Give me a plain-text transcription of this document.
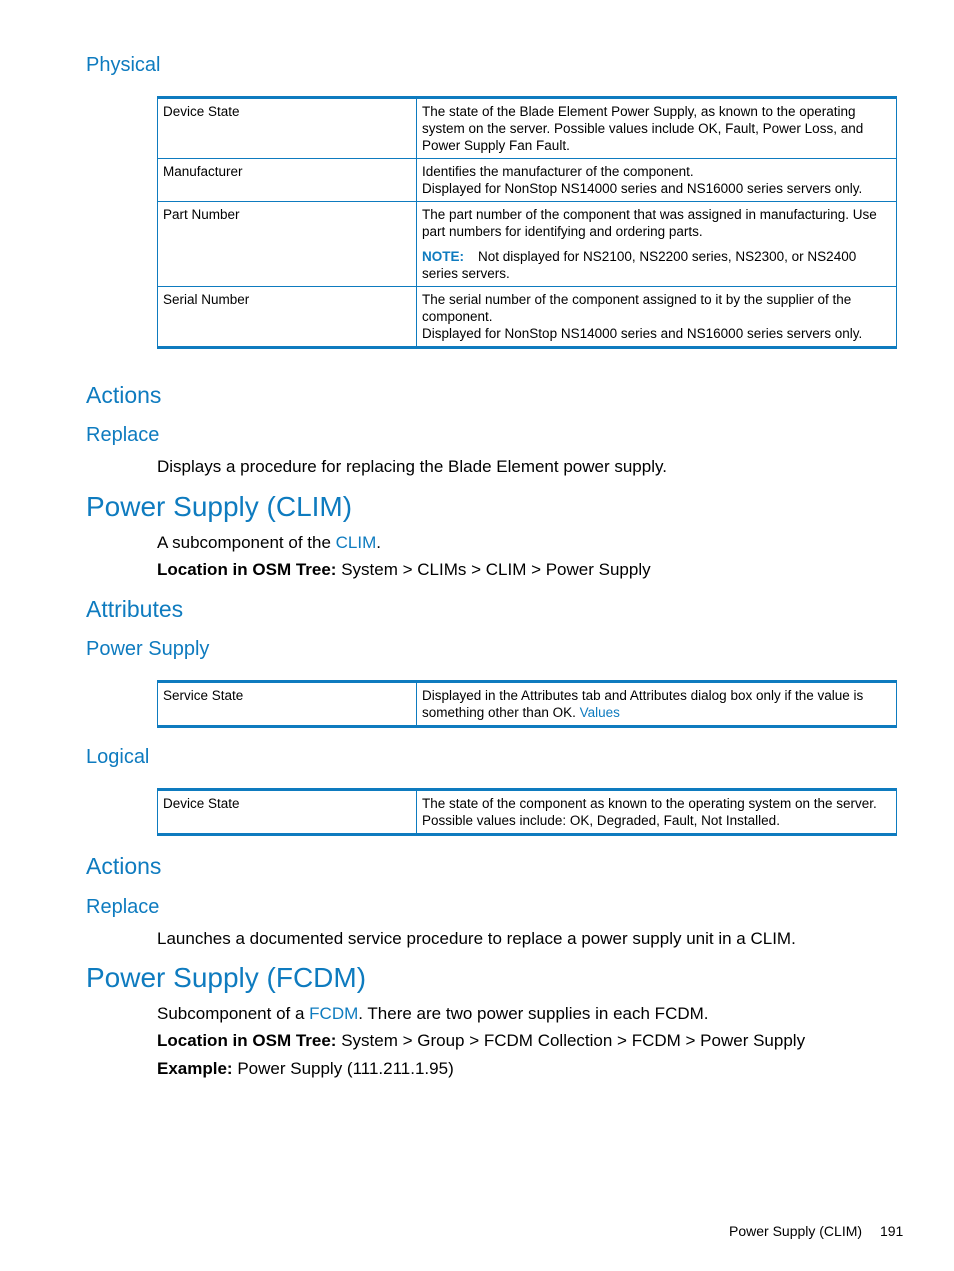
Physical
Device State	The state of the Blade Element Power Supply, as known to the operating system on the server. Possible values include OK, Fault, Power Loss, and Power Supply Fan Fault.
Manufacturer	Identifies the manufacturer of the component.
Displayed for NonStop NS14000 series and NS16000 series servers only.

Part Number	The part number of the component that was assigned in manufacturing. Use part numbers for identifying and ordering parts.
NOTE: Not displayed for NS2100, NS2200 series, NS2300, or NS2400 series servers.

Serial Number	The serial number of the component assigned to it by the supplier of the component.
Displayed for NonStop NS14000 series and NS16000 series servers only.
Actions
Replace
Displays a procedure for replacing the Blade Element power supply.
Power Supply (CLIM)
A subcomponent of the CLIM.
Location in OSM Tree: System > CLIMs > CLIM > Power Supply
Attributes
Power Supply
Service State	Displayed in the Attributes tab and Attributes dialog box only if the value is something other than OK. Values
Logical
Device State	The state of the component as known to the operating system on the server. Possible values include: OK, Degraded, Fault, Not Installed.
Actions
Replace
Launches a documented service procedure to replace a power supply unit in a CLIM.
Power Supply (FCDM)
Subcomponent of a FCDM. There are two power supplies in each FCDM.
Location in OSM Tree: System > Group > FCDM Collection > FCDM > Power Supply
Example: Power Supply (111.211.1.95)
Power Supply (CLIM) 191
